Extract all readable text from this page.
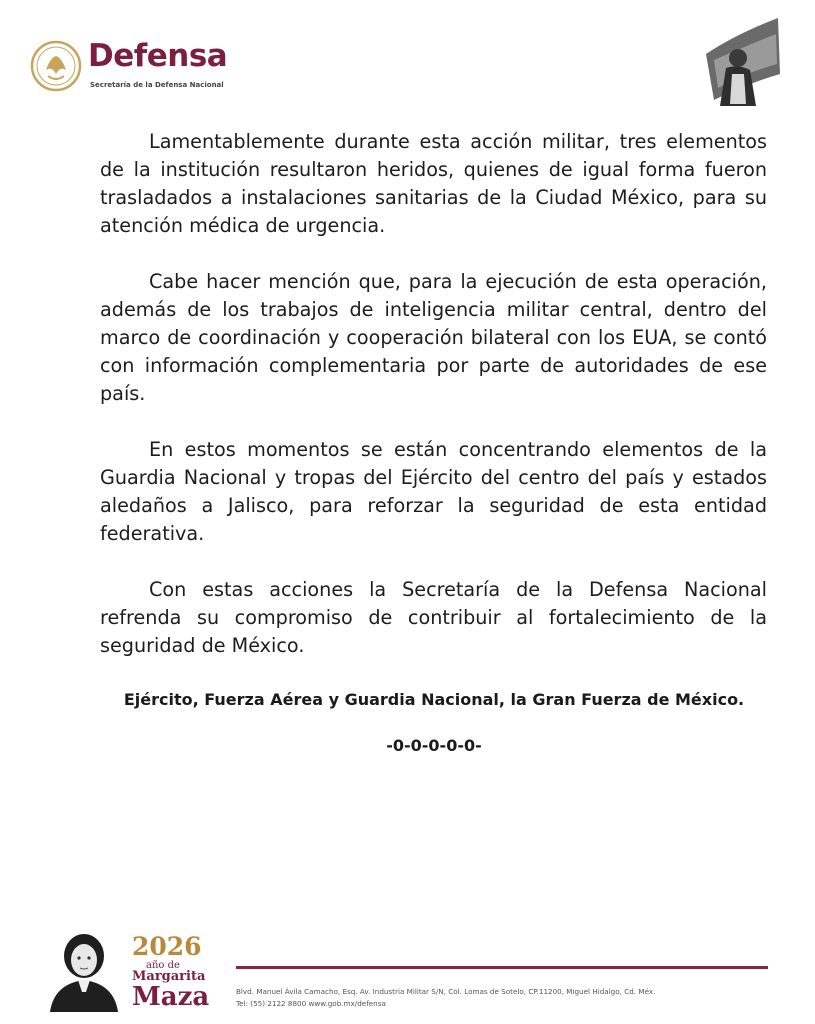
Defensa
Secretaría de la Defensa Nacional

Lamentablemente durante esta acción militar, tres elementos de la institución resultaron heridos, quienes de igual forma fueron trasladados a instalaciones sanitarias de la Ciudad México, para su atención médica de urgencia.

Cabe hacer mención que, para la ejecución de esta operación, además de los trabajos de inteligencia militar central, dentro del marco de coordinación y cooperación bilateral con los EUA, se contó con información complementaria por parte de autoridades de ese país.

En estos momentos se están concentrando elementos de la Guardia Nacional y tropas del Ejército del centro del país y estados aledaños a Jalisco, para reforzar la seguridad de esta entidad federativa.

Con estas acciones la Secretaría de la Defensa Nacional refrenda su compromiso de contribuir al fortalecimiento de la seguridad de México.

Ejército, Fuerza Aérea y Guardia Nacional, la Gran Fuerza de México.
-0-0-0-0-0-
2026
año de
Margarita
Maza	Blvd. Manuel Ávila Camacho, Esq. Av. Industria Militar S/N, Col. Lomas de Sotelo, CP.11200, Miguel Hidalgo, Cd. Méx.
Tel: (55) 2122 8800 www.gob.mx/defensa
